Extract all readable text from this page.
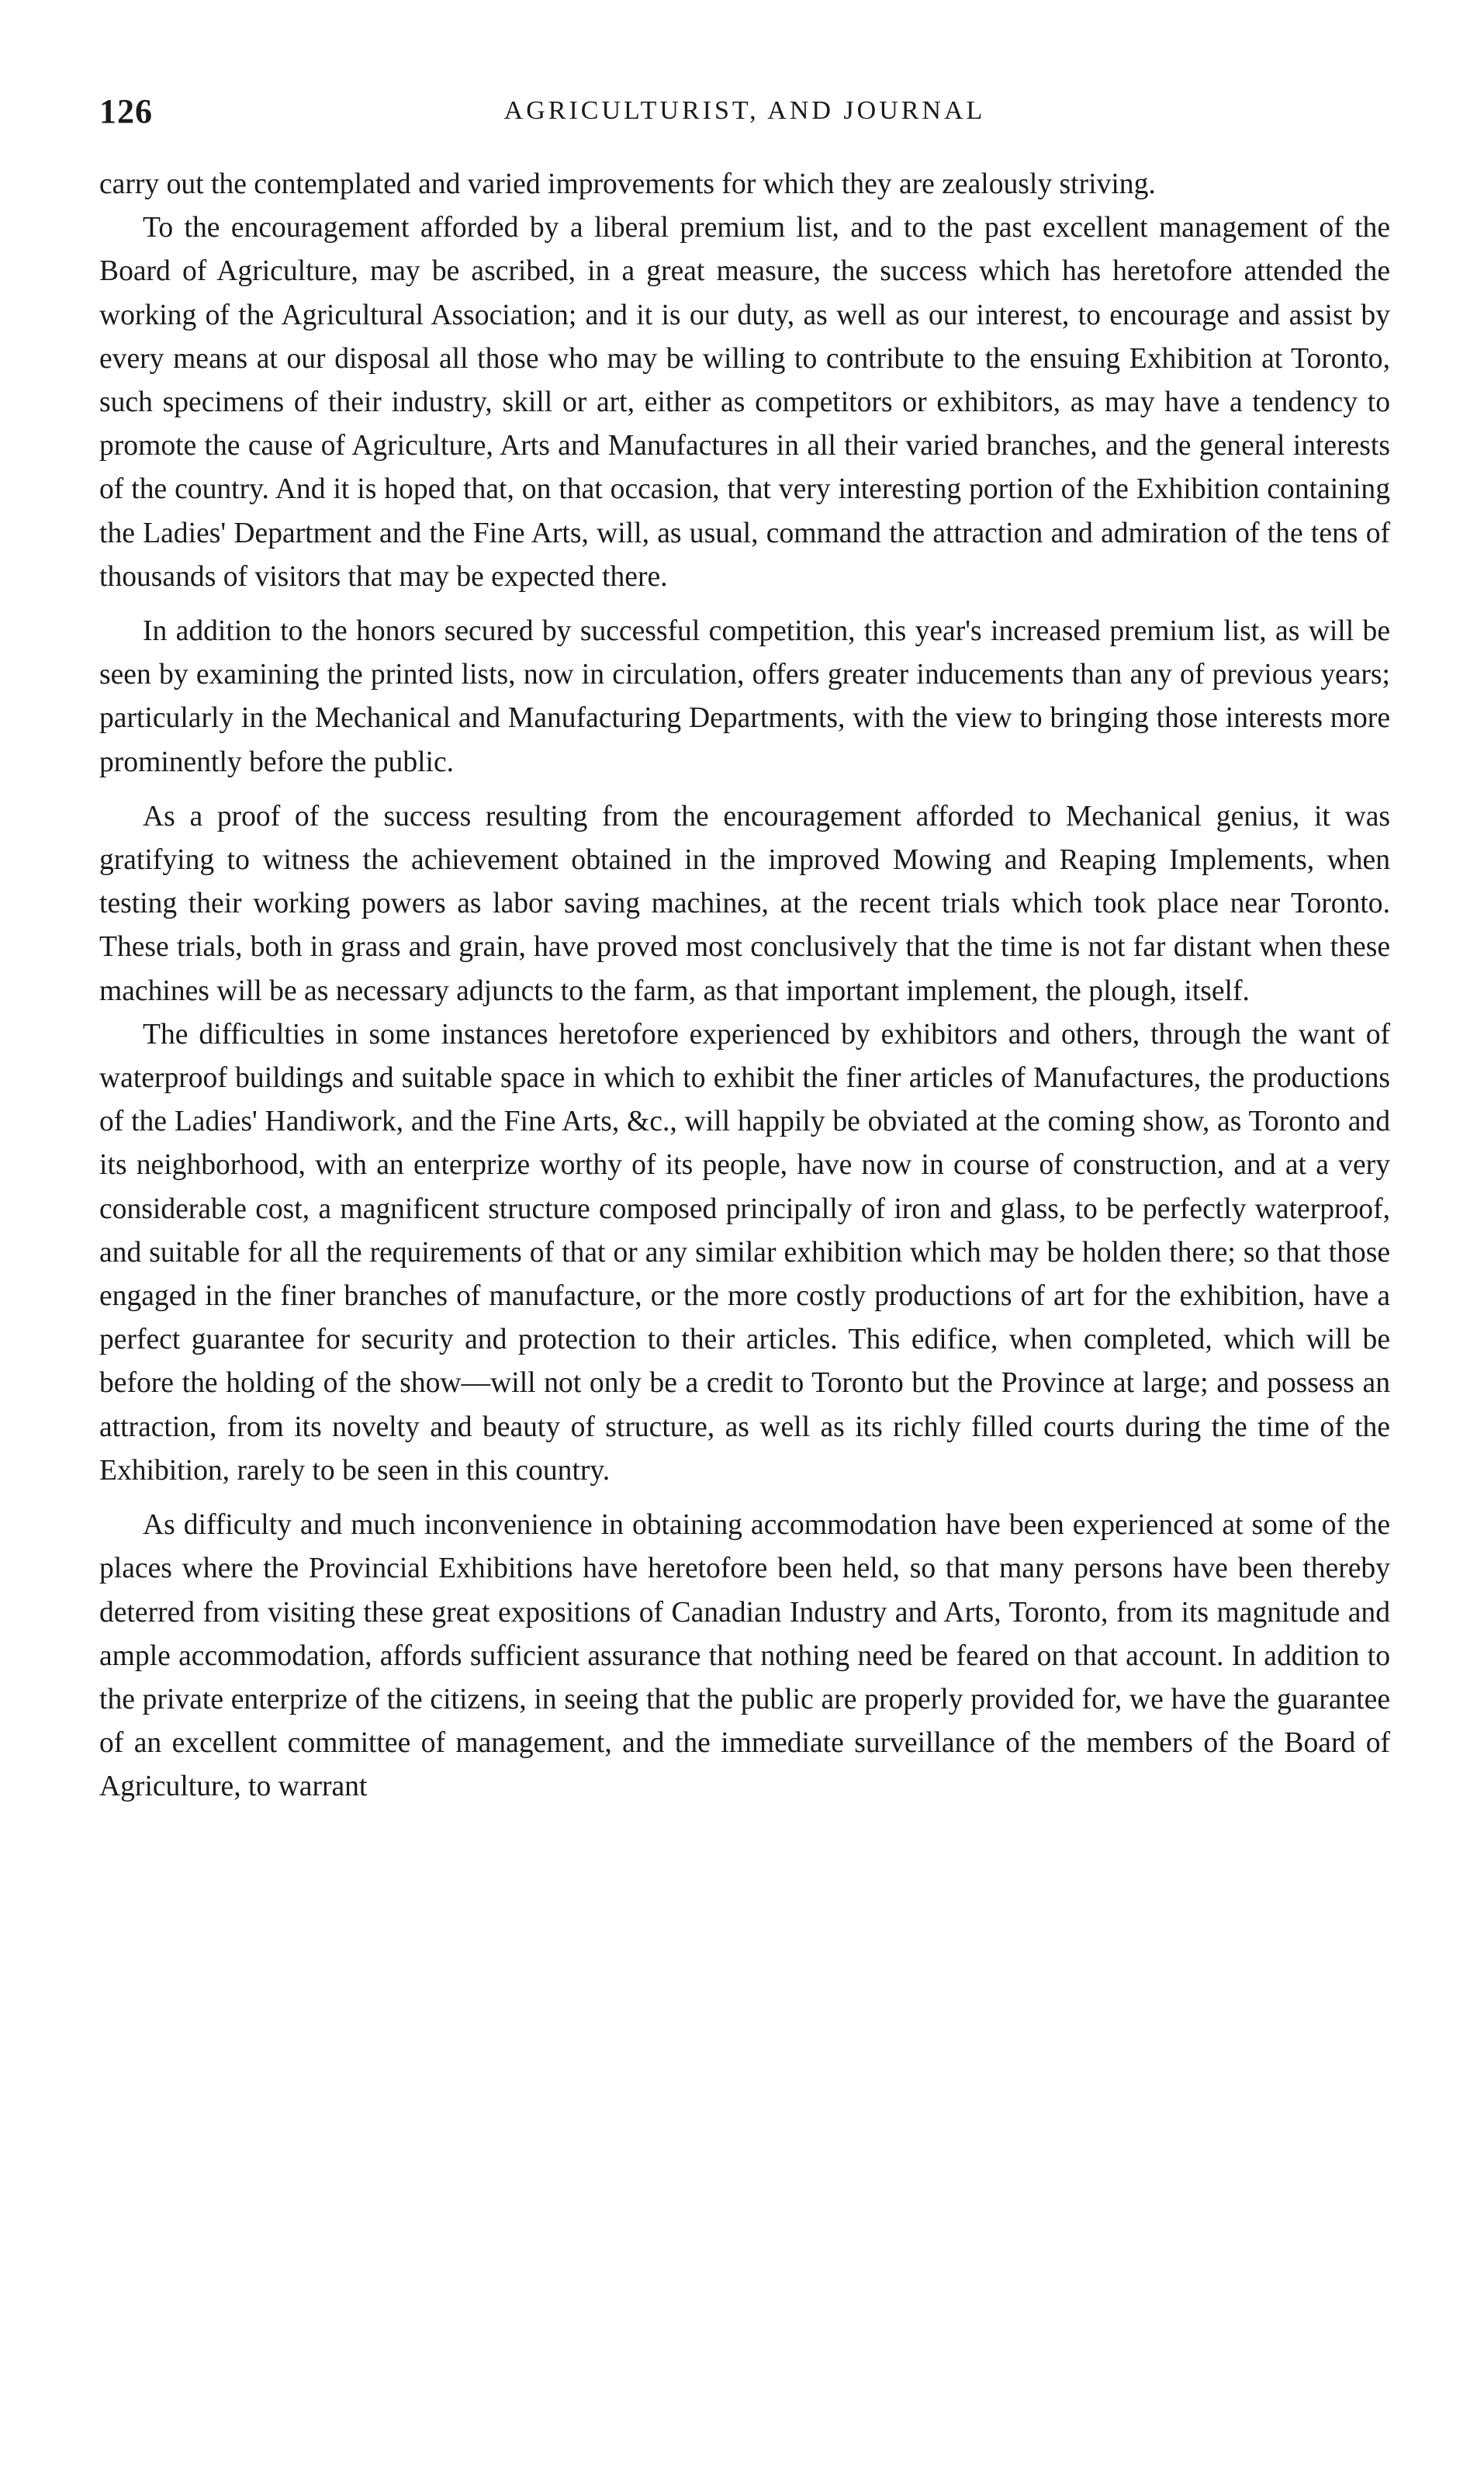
126	AGRICULTURIST, AND JOURNAL

carry out the contemplated and varied improvements for which they are zealously striving.

To the encouragement afforded by a liberal premium list, and to the past excellent management of the Board of Agriculture, may be ascribed, in a great measure, the success which has heretofore attended the working of the Agricultural Association; and it is our duty, as well as our interest, to encourage and assist by every means at our disposal all those who may be willing to contribute to the ensuing Exhibition at Toronto, such specimens of their industry, skill or art, either as competitors or exhibitors, as may have a tendency to promote the cause of Agriculture, Arts and Manufactures in all their varied branches, and the general interests of the country. And it is hoped that, on that occasion, that very interesting portion of the Exhibition containing the Ladies' Department and the Fine Arts, will, as usual, command the attraction and admiration of the tens of thousands of visitors that may be expected there.

In addition to the honors secured by successful competition, this year's increased premium list, as will be seen by examining the printed lists, now in circulation, offers greater inducements than any of previous years; particularly in the Mechanical and Manufacturing Departments, with the view to bringing those interests more prominently before the public.

As a proof of the success resulting from the encouragement afforded to Mechanical genius, it was gratifying to witness the achievement obtained in the improved Mowing and Reaping Implements, when testing their working powers as labor saving machines, at the recent trials which took place near Toronto. These trials, both in grass and grain, have proved most conclusively that the time is not far distant when these machines will be as necessary adjuncts to the farm, as that important implement, the plough, itself.

The difficulties in some instances heretofore experienced by exhibitors and others, through the want of waterproof buildings and suitable space in which to exhibit the finer articles of Manufactures, the productions of the Ladies' Handiwork, and the Fine Arts, &c., will happily be obviated at the coming show, as Toronto and its neighborhood, with an enterprize worthy of its people, have now in course of construction, and at a very considerable cost, a magnificent structure composed principally of iron and glass, to be perfectly waterproof, and suitable for all the requirements of that or any similar exhibition which may be holden there; so that those engaged in the finer branches of manufacture, or the more costly productions of art for the exhibition, have a perfect guarantee for security and protection to their articles. This edifice, when completed, which will be before the holding of the show—will not only be a credit to Toronto but the Province at large; and possess an attraction, from its novelty and beauty of structure, as well as its richly filled courts during the time of the Exhibition, rarely to be seen in this country.

As difficulty and much inconvenience in obtaining accommodation have been experienced at some of the places where the Provincial Exhibitions have heretofore been held, so that many persons have been thereby deterred from visiting these great expositions of Canadian Industry and Arts, Toronto, from its magnitude and ample accommodation, affords sufficient assurance that nothing need be feared on that account. In addition to the private enterprize of the citizens, in seeing that the public are properly provided for, we have the guarantee of an excellent committee of management, and the immediate surveillance of the members of the Board of Agriculture, to warrant
